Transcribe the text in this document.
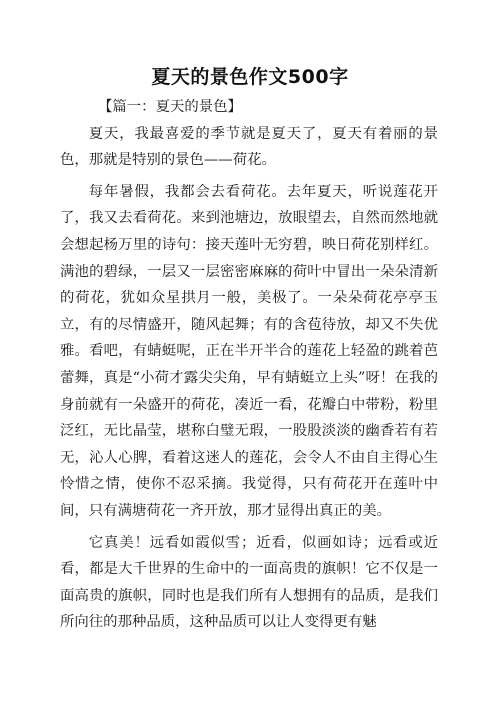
夏天的景色作文500字

【篇一：夏天的景色】

夏天，我最喜爱的季节就是夏天了，夏天有着丽的景色，那就是特别的景色——荷花。

每年暑假，我都会去看荷花。去年夏天，听说莲花开了，我又去看荷花。来到池塘边，放眼望去，自然而然地就会想起杨万里的诗句：接天莲叶无穷碧，映日荷花别样红。满池的碧绿，一层又一层密密麻麻的荷叶中冒出一朵朵清新的荷花，犹如众星拱月一般，美极了。一朵朵荷花亭亭玉立，有的尽情盛开，随风起舞；有的含苞待放，却又不失优雅。看吧，有蜻蜓呢，正在半开半合的莲花上轻盈的跳着芭蕾舞，真是“小荷才露尖尖角，早有蜻蜓立上头”呀！在我的身前就有一朵盛开的荷花，凑近一看，花瓣白中带粉，粉里泛红，无比晶莹，堪称白璧无瑕，一股股淡淡的幽香若有若无，沁人心脾，看着这迷人的莲花，会令人不由自主得心生怜惜之情，使你不忍采摘。我觉得，只有荷花开在莲叶中间，只有满塘荷花一齐开放，那才显得出真正的美。

它真美！远看如霞似雪；近看，似画如诗；远看或近看，都是大千世界的生命中的一面高贵的旗帜！它不仅是一面高贵的旗帜，同时也是我们所有人想拥有的品质，是我们所向往的那种品质，这种品质可以让人变得更有魅
